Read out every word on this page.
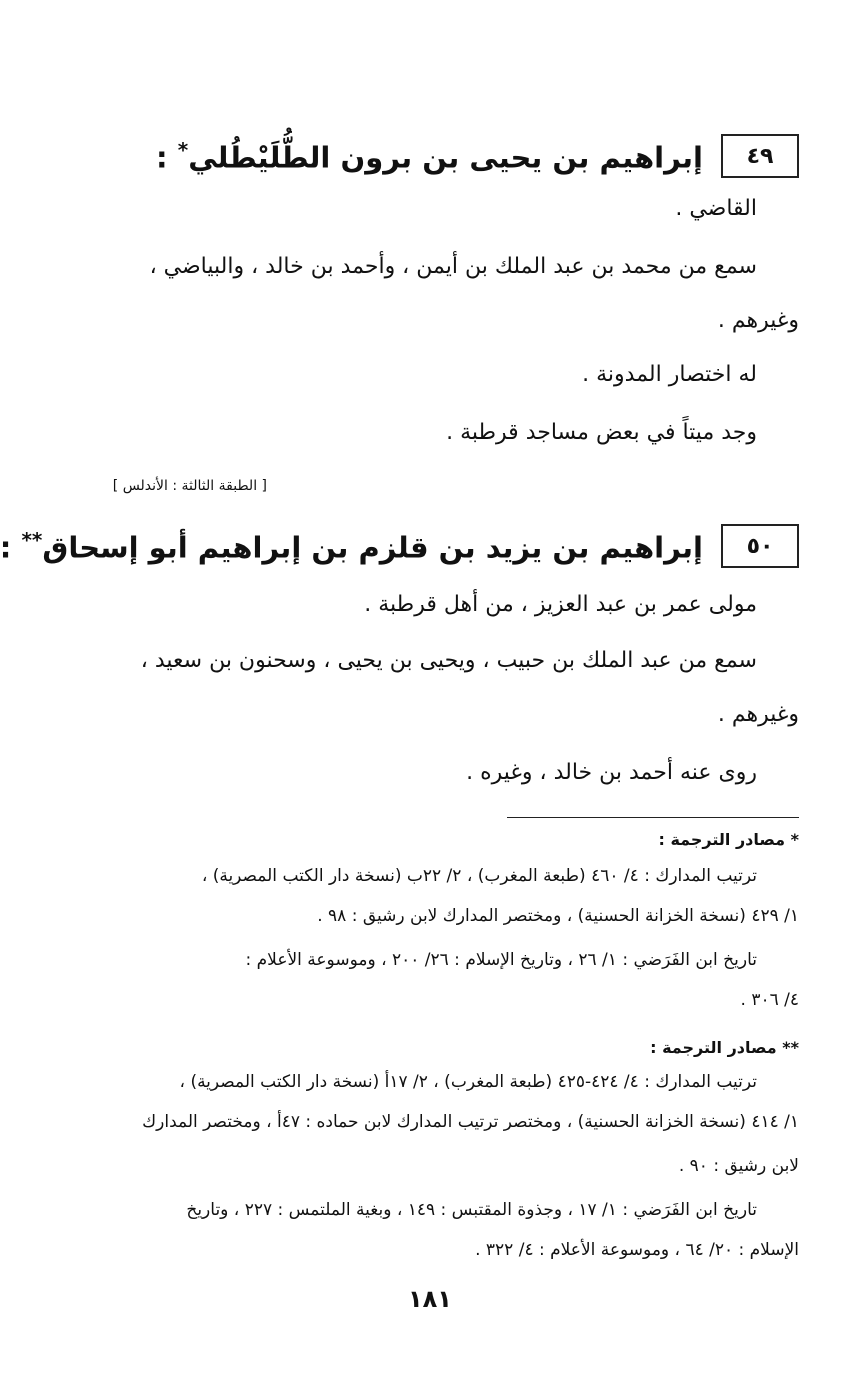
٤٩
إبراهيم بن يحيى بن برون الطُّلَيْطُلي* :
القاضي .
سمع من محمد بن عبد الملك بن أيمن ، وأحمد بن خالد ، والبياضي ،
وغيرهم .
له اختصار المدونة .
وجد ميتاً في بعض مساجد قرطبة .
[ الطبقة الثالثة : الأندلس ]
٥٠
إبراهيم بن يزيد بن قلزم بن إبراهيم أبو إسحاق** :
مولى عمر بن عبد العزيز ، من أهل قرطبة .
سمع من عبد الملك بن حبيب ، ويحيى بن يحيى ، وسحنون بن سعيد ،
وغيرهم .
روى عنه أحمد بن خالد ، وغيره .
* مصادر الترجمة :
ترتيب المدارك : ٤/ ٤٦٠ (طبعة المغرب) ، ٢/ ٢٢ب (نسخة دار الكتب المصرية) ،
١/ ٤٢٩ (نسخة الخزانة الحسنية) ، ومختصر المدارك لابن رشيق : ٩٨ .
تاريخ ابن الفَرَضي : ١/ ٢٦ ، وتاريخ الإسلام : ٢٦/ ٢٠٠ ، وموسوعة الأعلام :
٤/ ٣٠٦ .
** مصادر الترجمة :
ترتيب المدارك : ٤/ ٤٢٤-٤٢٥ (طبعة المغرب) ، ٢/ ١٧أ (نسخة دار الكتب المصرية) ،
١/ ٤١٤ (نسخة الخزانة الحسنية) ، ومختصر ترتيب المدارك لابن حماده : ٤٧أ ، ومختصر المدارك
لابن رشيق : ٩٠ .
تاريخ ابن الفَرَضي : ١/ ١٧ ، وجذوة المقتبس : ١٤٩ ، وبغية الملتمس : ٢٢٧ ، وتاريخ
الإسلام : ٢٠/ ٦٤ ، وموسوعة الأعلام : ٤/ ٣٢٢ .
١٨١
